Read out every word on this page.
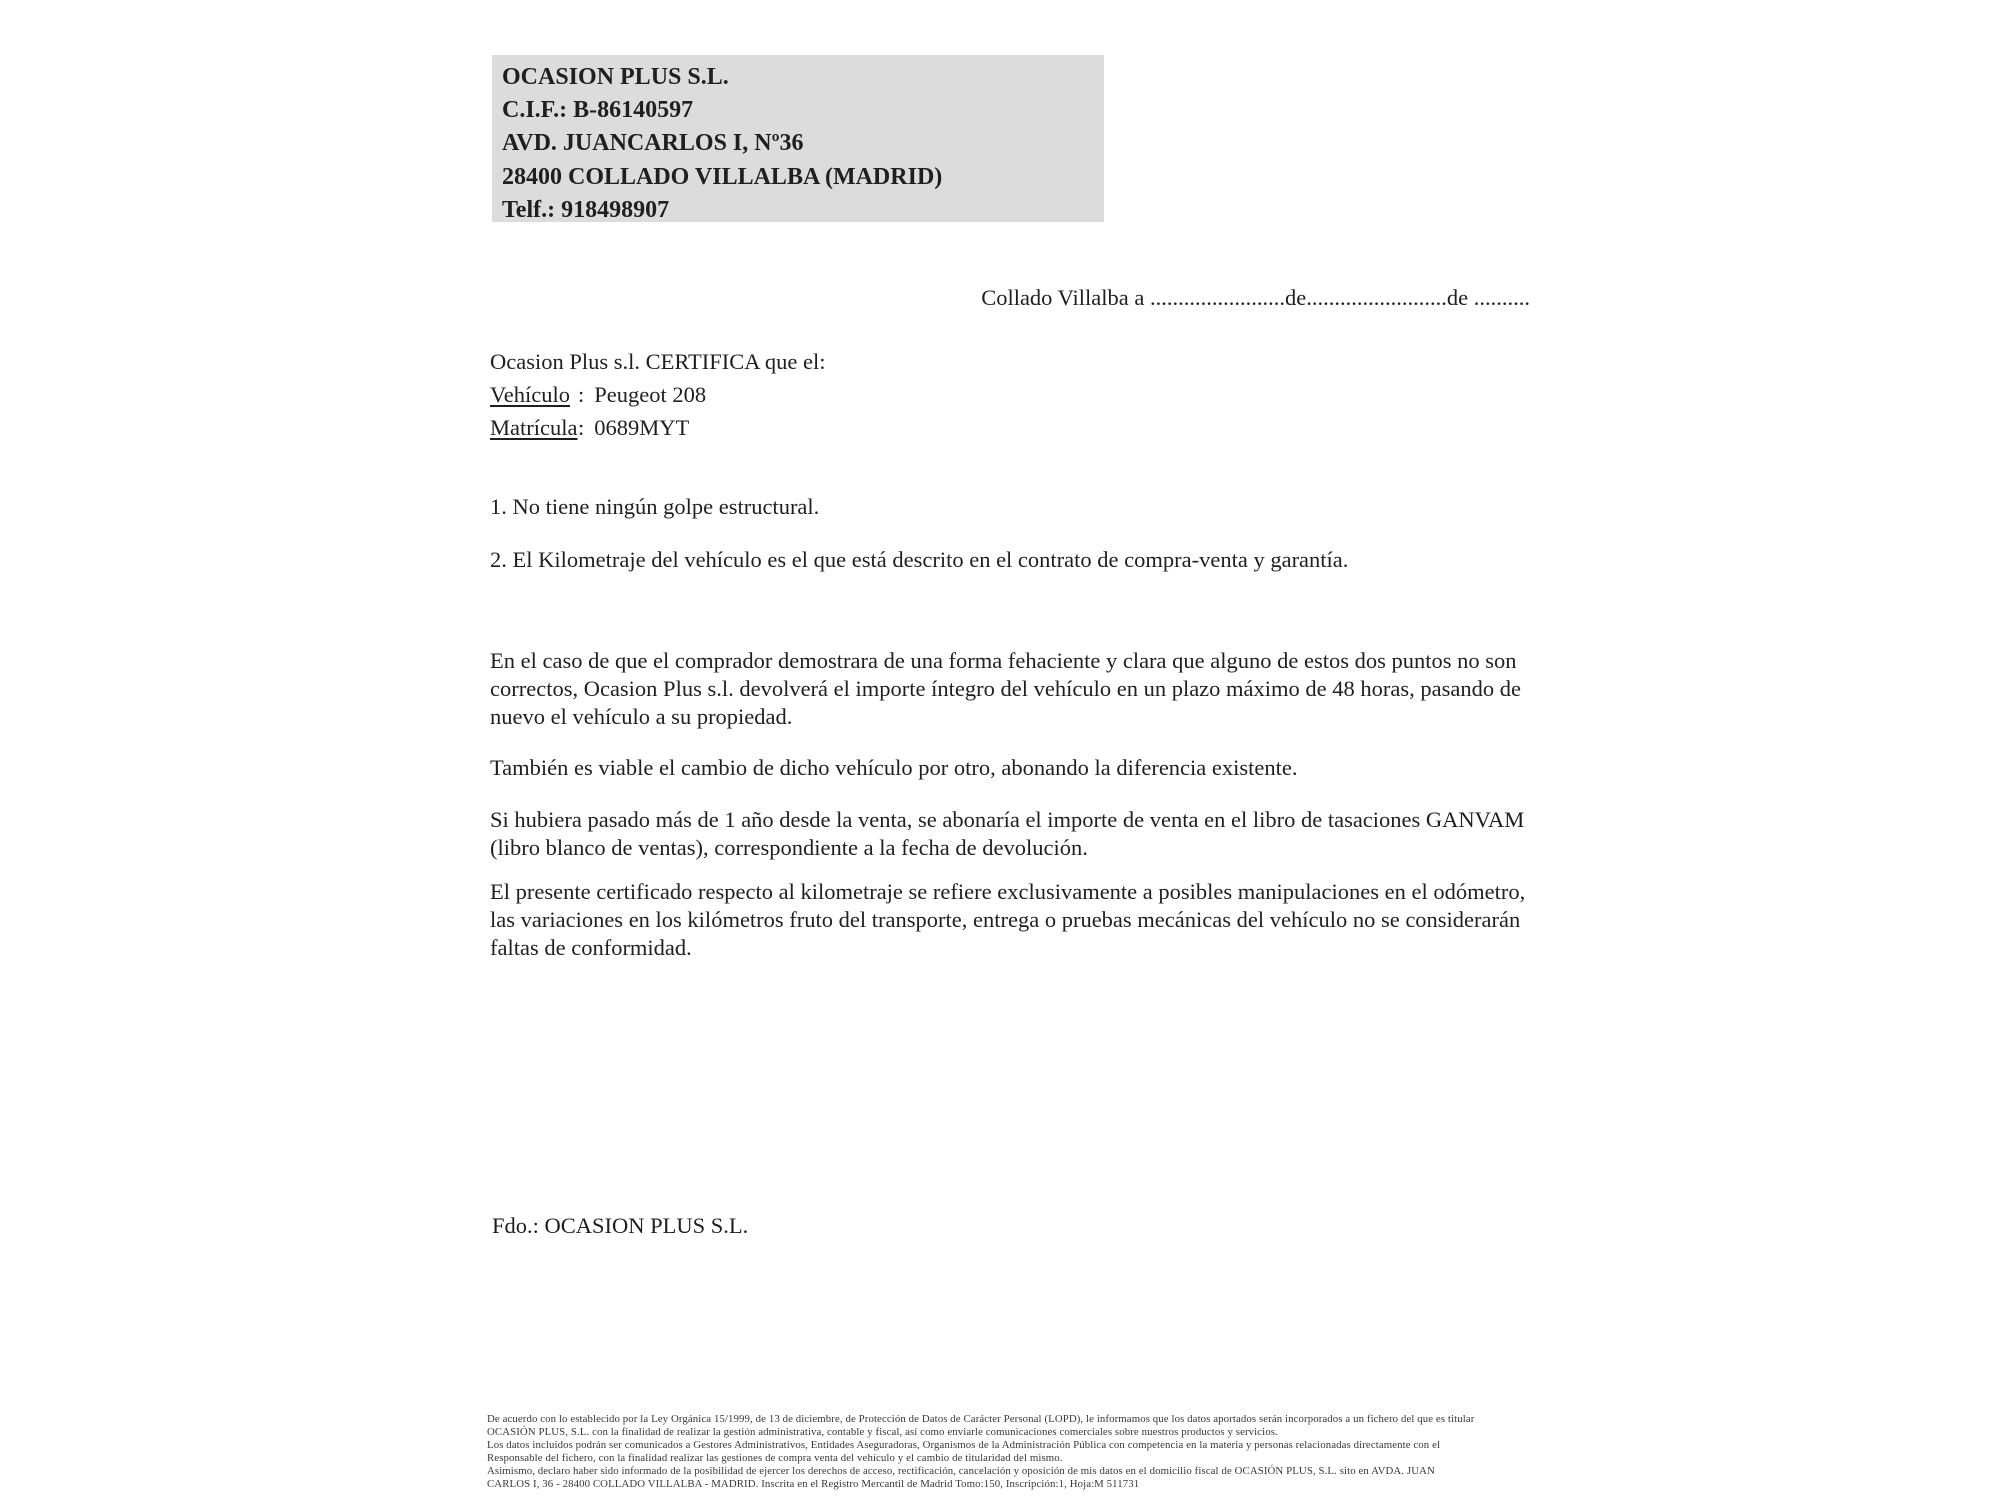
OCASION PLUS S.L.
C.I.F.: B-86140597
AVD. JUANCARLOS I, Nº36
28400 COLLADO VILLALBA (MADRID)
Telf.: 918498907
Collado Villalba a ........................de.........................de ..........
Ocasion Plus s.l. CERTIFICA que el:
Vehículo : Peugeot 208
Matrícula: 0689MYT
1. No tiene ningún golpe estructural.
2. El Kilometraje del vehículo es el que está descrito en el contrato de compra-venta y garantía.
En el caso de que el comprador demostrara de una forma fehaciente y clara que alguno de estos dos puntos no son correctos, Ocasion Plus s.l. devolverá el importe íntegro del vehículo en un plazo máximo de 48 horas, pasando de nuevo el vehículo a su propiedad.
También es viable el cambio de dicho vehículo por otro, abonando la diferencia existente.
Si hubiera pasado más de 1 año desde la venta, se abonaría el importe de venta en el libro de tasaciones GANVAM (libro blanco de ventas), correspondiente a la fecha de devolución.
El presente certificado respecto al kilometraje se refiere exclusivamente a posibles manipulaciones en el odómetro, las variaciones en los kilómetros fruto del transporte, entrega o pruebas mecánicas del vehículo no se considerarán faltas de conformidad.
Fdo.: OCASION PLUS S.L.
De acuerdo con lo establecido por la Ley Orgánica 15/1999, de 13 de diciembre, de Protección de Datos de Carácter Personal (LOPD), le informamos que los datos aportados serán incorporados a un fichero del que es titular
OCASIÓN PLUS, S.L. con la finalidad de realizar la gestión administrativa, contable y fiscal, así como enviarle comunicaciones comerciales sobre nuestros productos y servicios.
Los datos incluidos podrán ser comunicados a Gestores Administrativos, Entidades Aseguradoras, Organismos de la Administración Pública con competencia en la materia y personas relacionadas directamente con el
Responsable del fichero, con la finalidad realizar las gestiones de compra venta del vehículo y el cambio de titularidad del mismo.
Asimismo, declaro haber sido informado de la posibilidad de ejercer los derechos de acceso, rectificación, cancelación y oposición de mis datos en el domicilio fiscal de OCASIÓN PLUS, S.L. sito en AVDA. JUAN
CARLOS I, 36 - 28400 COLLADO VILLALBA - MADRID. Inscrita en el Registro Mercantil de Madrid Tomo:150, Inscripción:1, Hoja:M 511731
